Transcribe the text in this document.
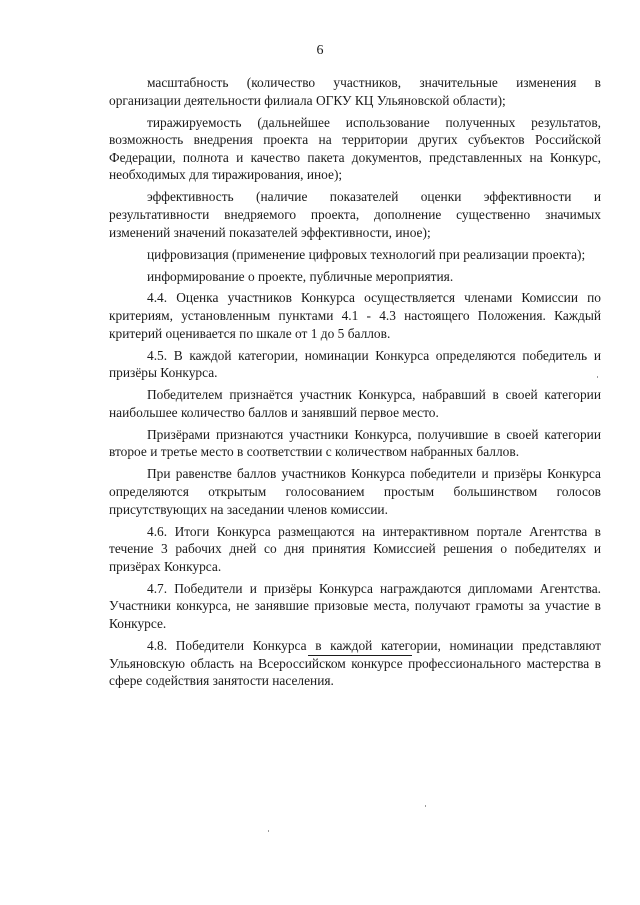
6

масштабность (количество участников, значительные изменения в организации деятельности филиала ОГКУ КЦ Ульяновской области);

тиражируемость (дальнейшее использование полученных результатов, возможность внедрения проекта на территории других субъектов Российской Федерации, полнота и качество пакета документов, представленных на Конкурс, необходимых для тиражирования, иное);

эффективность (наличие показателей оценки эффективности и результативности внедряемого проекта, дополнение существенно значимых изменений значений показателей эффективности, иное);

цифровизация (применение цифровых технологий при реализации проекта);

информирование о проекте, публичные мероприятия.

4.4. Оценка участников Конкурса осуществляется членами Комиссии по критериям, установленным пунктами 4.1 - 4.3 настоящего Положения. Каждый критерий оценивается по шкале от 1 до 5 баллов.

4.5. В каждой категории, номинации Конкурса определяются победитель и призёры Конкурса.

Победителем признаётся участник Конкурса, набравший в своей категории наибольшее количество баллов и занявший первое место.

Призёрами признаются участники Конкурса, получившие в своей категории второе и третье место в соответствии с количеством набранных баллов.

При равенстве баллов участников Конкурса победители и призёры Конкурса определяются открытым голосованием простым большинством голосов присутствующих на заседании членов комиссии.

4.6. Итоги Конкурса размещаются на интерактивном портале Агентства в течение 3 рабочих дней со дня принятия Комиссией решения о победителях и призёрах Конкурса.

4.7. Победители и призёры Конкурса награждаются дипломами Агентства. Участники конкурса, не занявшие призовые места, получают грамоты за участие в Конкурсе.

4.8. Победители Конкурса в каждой категории, номинации представляют Ульяновскую область на Всероссийском конкурсе профессионального мастерства в сфере содействия занятости населения.
